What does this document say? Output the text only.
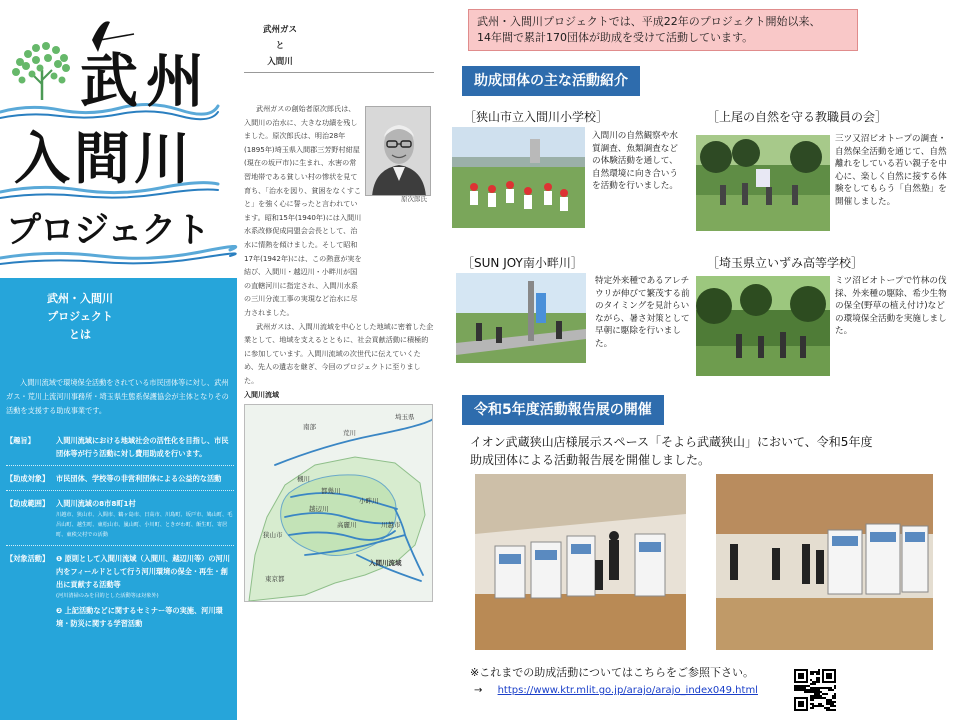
武州
入間川
プロジェクト
武州・入間川
プロジェクト
とは
入間川流域で環境保全活動をされている市民団体等に対し、武州ガス・荒川上流河川事務所・埼玉県生態系保護協会が主体となりその活動を支援する助成事業です。
【趣旨】	入間川流域における地域社会の活性化を目指し、市民団体等が行う活動に対し費用助成を行います。
【助成対象】 市民団体、学校等の非営利団体による公益的な活動
【助成範囲】 入間川流域の8市8町1村
川越市、狭山市、入間市、鶴ヶ島市、日高市、川島町、坂戸市、鳩山町、毛呂山町、越生町、東松山市、嵐山町、小川町、ときがわ町、飯生町、寄居町、東秩父村での活動
【対象活動】 ❶ 原則として入間川流域（入間川、越辺川等）の河川内をフィールドとして行う河川環境の保全・再生・創出に貢献する活動等
(河川清掃のみを目的とした活動等は対象外)
❷ 上記活動などに関するセミナー等の実施、河川環境・防災に関する学習活動
武州ガス
と
入間川
原次郎氏

武州ガスの創始者原次郎氏は、入間川の治水に、大きな功績を残しました。原次郎氏は、明治28年(1895年)埼玉県入間郡三芳野村紺屋(現在の坂戸市)に生まれ、水害の常習地帯である貧しい村の惨状を見て育ち、「治水を図り、貧困をなくすこと」を強く心に誓ったと言われています。昭和15年(1940年)には入間川水系改修促成同盟会会長として、治水に情熱を傾けました。そして昭和17年(1942年)には、この熱意が実を結び、入間川・越辺川・小畔川が国の直轄河川に指定され、入間川水系の三川分流工事の実現など治水に尽力されました。

武州ガスは、入間川流域を中心とした地域に密着した企業として、地域を支えるとともに、社会貢献活動に積極的に参加しています。入間川流域の次世代に伝えていくため、先人の遺志を継ぎ、今回のプロジェクトに至りました。

入間川流域
埼玉県
南部
荒川
槻川
都幾川
越辺川
小畔川
高麗川	川越市
狭山市
入間川流域
東京都
武州・入間川プロジェクトでは、平成22年のプロジェクト開始以来、
14年間で累計170団体が助成を受けて活動しています。
助成団体の主な活動紹介
［狭山市立入間川小学校］
入間川の自然観察や水質調査、魚類調査などの体験活動を通して、自然環境に向き合いうを活動を行いました。
［上尾の自然を守る教職員の会］
三ツ又沼ビオトープの調査・自然保全活動を通じて、自然離れをしている若い親子を中心に、楽しく自然に接する体験をしてもらう「自然塾」を開催しました。
［SUN JOY南小畔川］
特定外来種であるアレチウリが伸びて繁茂する前のタイミングを見計らいながら、暑さ対策として早朝に駆除を行いました。
［埼玉県立いずみ高等学校］
ミツ沼ビオトープで竹林の伐採、外来種の駆除、希少生物の保全(野草の植え付け)などの環境保全活動を実施しました。
令和5年度活動報告展の開催
イオン武蔵狭山店様展示スペース「そよら武蔵狭山」において、令和5年度
助成団体による活動報告展を開催しました。
※これまでの助成活動についてはこちらをご参照下さい。
→ https://www.ktr.mlit.go.jp/arajo/arajo_index049.html
